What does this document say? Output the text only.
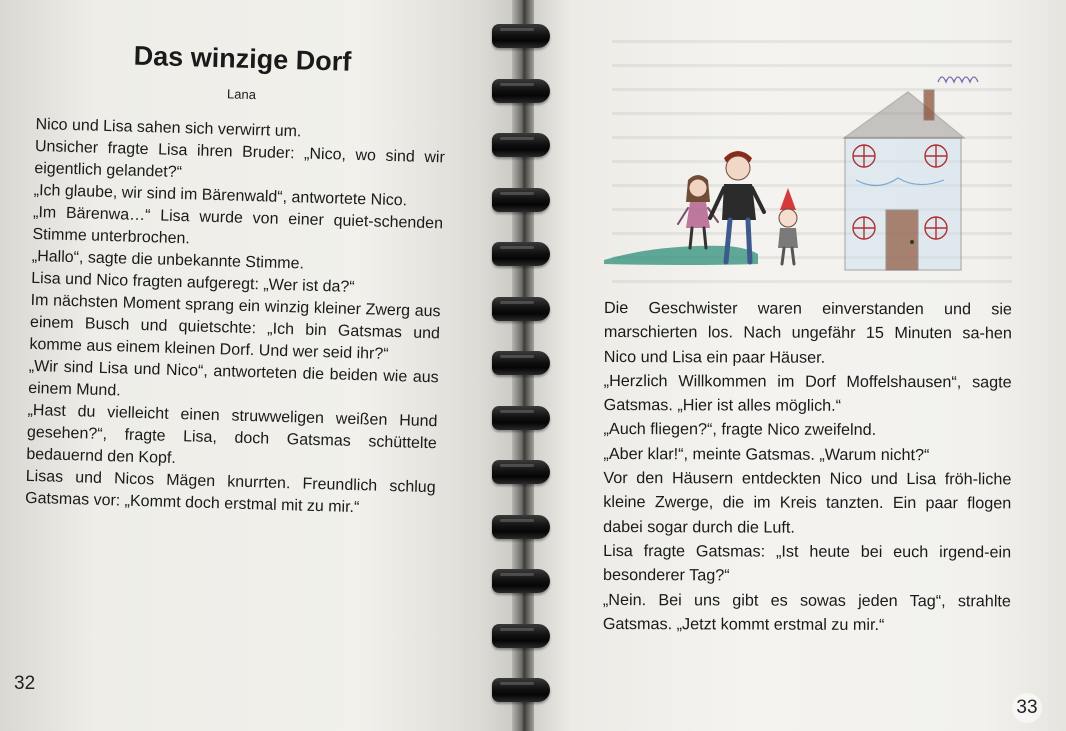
Das winzige Dorf

Lana

Nico und Lisa sahen sich verwirrt um.

Unsicher fragte Lisa ihren Bruder: „Nico, wo sind wir eigentlich gelandet?“

„Ich glaube, wir sind im Bärenwald“, antwortete Nico.

„Im Bärenwa…“ Lisa wurde von einer quiet-schenden Stimme unterbrochen.

„Hallo“, sagte die unbekannte Stimme.

Lisa und Nico fragten aufgeregt: „Wer ist da?“

Im nächsten Moment sprang ein winzig kleiner Zwerg aus einem Busch und quietschte: „Ich bin Gatsmas und komme aus einem kleinen Dorf. Und wer seid ihr?“

„Wir sind Lisa und Nico“, antworteten die beiden wie aus einem Mund.

„Hast du vielleicht einen struwweligen weißen Hund gesehen?“, fragte Lisa, doch Gatsmas schüttelte bedauernd den Kopf.

Lisas und Nicos Mägen knurrten. Freundlich schlug Gatsmas vor: „Kommt doch erstmal mit zu mir.“

32

Die Geschwister waren einverstanden und sie marschierten los. Nach ungefähr 15 Minuten sa-hen Nico und Lisa ein paar Häuser.

„Herzlich Willkommen im Dorf Moffelshausen“, sagte Gatsmas. „Hier ist alles möglich.“

„Auch fliegen?“, fragte Nico zweifelnd.

„Aber klar!“, meinte Gatsmas. „Warum nicht?“

Vor den Häusern entdeckten Nico und Lisa fröh-liche kleine Zwerge, die im Kreis tanzten. Ein paar flogen dabei sogar durch die Luft.

Lisa fragte Gatsmas: „Ist heute bei euch irgend-ein besonderer Tag?“

„Nein. Bei uns gibt es sowas jeden Tag“, strahlte Gatsmas. „Jetzt kommt erstmal zu mir.“

33
